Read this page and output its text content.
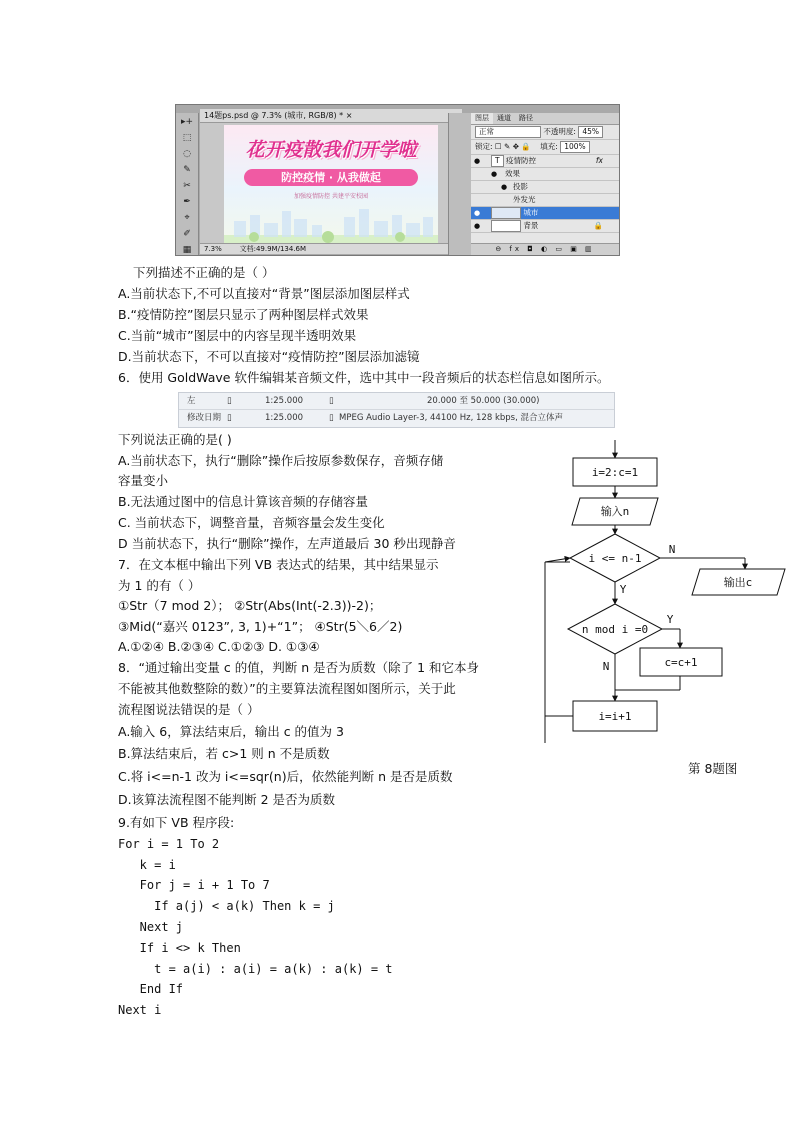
▸+
⬚
◌
✎
✂
✒
⌖
✐
▦
14题ps.psd @ 7.3% (城市, RGB/8) * ×
花开疫散我们开学啦
防控疫情 · 从我做起
加强疫情防控 共建平安校园
7.3%	文档:49.9M/134.6M
图层 通道 路径
正常	不透明度: 45%
锁定: ☐ ✎ ✥ 🔒 填充: 100%
● T 疫情防控	fx
● 效果
● 投影
外发光
●	城市
●	背景	🔒
⊖ fx ◘ ◐ ▭ ▣ ▥
下列描述不正确的是（ ）
A.当前状态下,不可以直接对“背景”图层添加图层样式
B.“疫情防控”图层只显示了两种图层样式效果
C.当前“城市”图层中的内容呈现半透明效果
D.当前状态下，不可以直接对“疫情防控”图层添加滤镜
6．使用 GoldWave 软件编辑某音频文件，选中其中一段音频后的状态栏信息如图所示。
左	▯	1:25.000	▯	20.000 至 50.000 (30.000)
修改日期 ▯	1:25.000	▯ MPEG Audio Layer-3, 44100 Hz, 128 kbps, 混合立体声
下列说法正确的是( )
A.当前状态下，执行“删除”操作后按原参数保存，音频存储
容量变小
B.无法通过图中的信息计算该音频的存储容量
C. 当前状态下，调整音量，音频容量会发生变化
D 当前状态下，执行“删除”操作，左声道最后 30 秒出现静音
7．在文本框中输出下列 VB 表达式的结果，其中结果显示
为 1 的有（ ）
①Str（7 mod 2）； ②Str(Abs(Int(-2.3))-2)；
③Mid(“嘉兴 0123”, 3, 1)+“1”； ④Str(5＼6／2)
A.①②④ B.②③④ C.①②③ D. ①③④
8．“通过输出变量 c 的值，判断 n 是否为质数（除了 1 和它本身
不能被其他数整除的数）”的主要算法流程图如图所示，关于此
流程图说法错误的是（ ）
A.输入 6，算法结束后，输出 c 的值为 3
B.算法结束后，若 c>1 则 n 不是质数
C.将 i<=n-1 改为 i<=sqr(n)后，依然能判断 n 是否是质数
D.该算法流程图不能判断 2 是否为质数
i=2:c=1
输入n
i <= n-1
输出c
n mod i =0
c=c+1
i=i+1
N
Y
Y
N
第 8题图
9.有如下 VB 程序段:
For i = 1 To 2
k = i
For j = i + 1 To 7
If a(j) < a(k) Then k = j
Next j
If i <> k Then
t = a(i) : a(i) = a(k) : a(k) = t
End If
Next i
